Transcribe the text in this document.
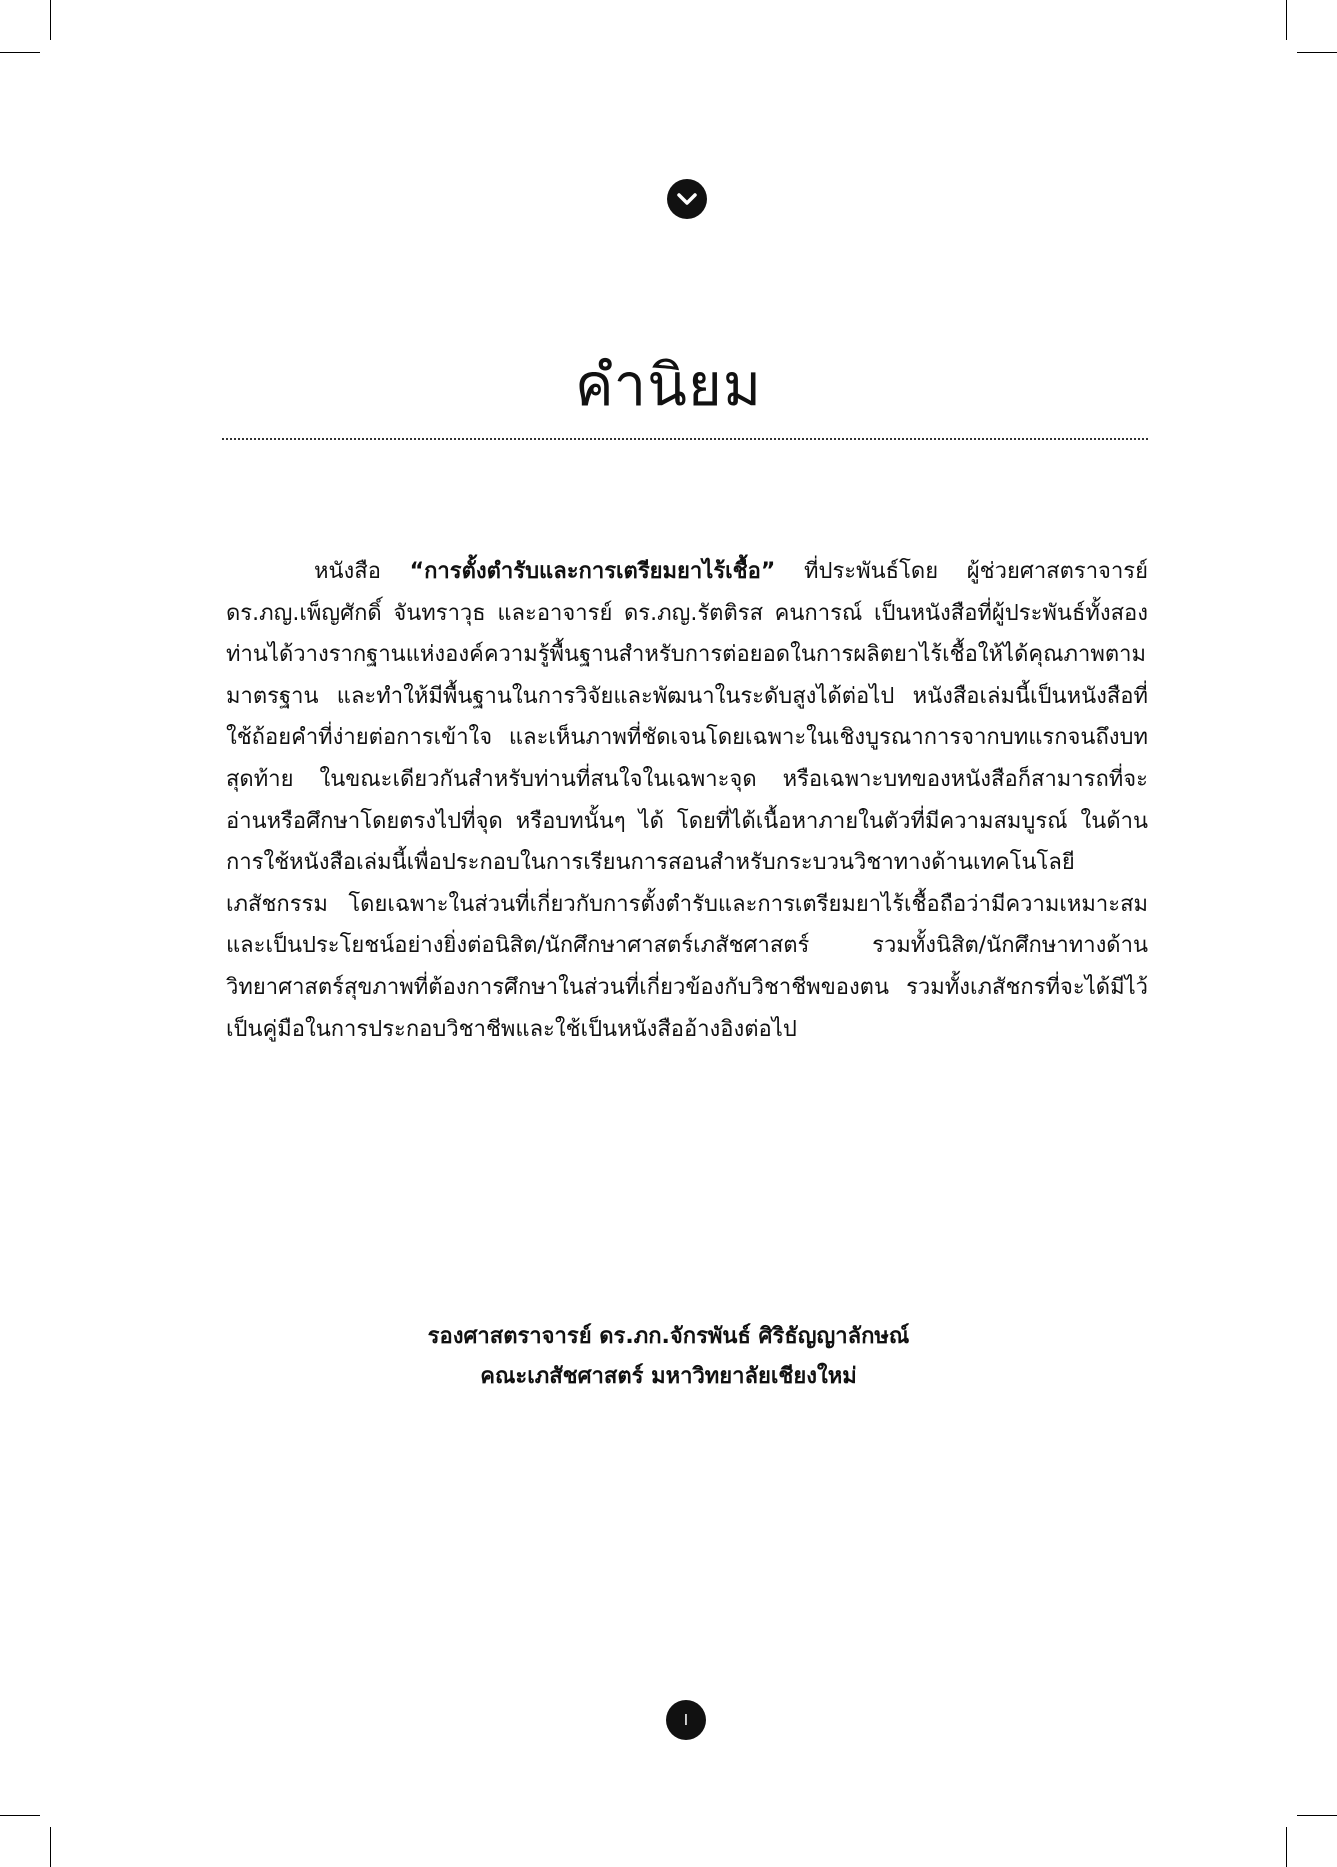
คำนิยม

หนังสือ “การตั้งตำรับและการเตรียมยาไร้เชื้อ” ที่ประพันธ์โดย ผู้ช่วยศาสตราจารย์ ดร.ภญ.เพ็ญศักดิ์ จันทราวุธ และอาจารย์ ดร.ภญ.รัตติรส คนการณ์ เป็นหนังสือที่ผู้ประพันธ์ทั้งสองท่านได้วางรากฐานแห่งองค์ความรู้พื้นฐานสำหรับการต่อยอดในการผลิตยาไร้เชื้อให้ได้คุณภาพตามมาตรฐาน และทำให้มีพื้นฐานในการวิจัยและพัฒนาในระดับสูงได้ต่อไป หนังสือเล่มนี้เป็นหนังสือที่ใช้ถ้อยคำที่ง่ายต่อการเข้าใจ และเห็นภาพที่ชัดเจนโดยเฉพาะในเชิงบูรณาการจากบทแรกจนถึงบทสุดท้าย ในขณะเดียวกันสำหรับท่านที่สนใจในเฉพาะจุด หรือเฉพาะบทของหนังสือก็สามารถที่จะอ่านหรือศึกษาโดยตรงไปที่จุด หรือบทนั้นๆ ได้ โดยที่ได้เนื้อหาภายในตัวที่มีความสมบูรณ์ ในด้านการใช้หนังสือเล่มนี้เพื่อประกอบในการเรียนการสอนสำหรับกระบวนวิชาทางด้านเทคโนโลยีเภสัชกรรม โดยเฉพาะในส่วนที่เกี่ยวกับการตั้งตำรับและการเตรียมยาไร้เชื้อถือว่ามีความเหมาะสมและเป็นประโยชน์อย่างยิ่งต่อนิสิต/นักศึกษาศาสตร์เภสัชศาสตร์ รวมทั้งนิสิต/นักศึกษาทางด้านวิทยาศาสตร์สุขภาพที่ต้องการศึกษาในส่วนที่เกี่ยวข้องกับวิชาชีพของตน รวมทั้งเภสัชกรที่จะได้มีไว้เป็นคู่มือในการประกอบวิชาชีพและใช้เป็นหนังสืออ้างอิงต่อไป

รองศาสตราจารย์ ดร.ภก.จักรพันธ์ ศิริธัญญาลักษณ์
คณะเภสัชศาสตร์ มหาวิทยาลัยเชียงใหม่
I
